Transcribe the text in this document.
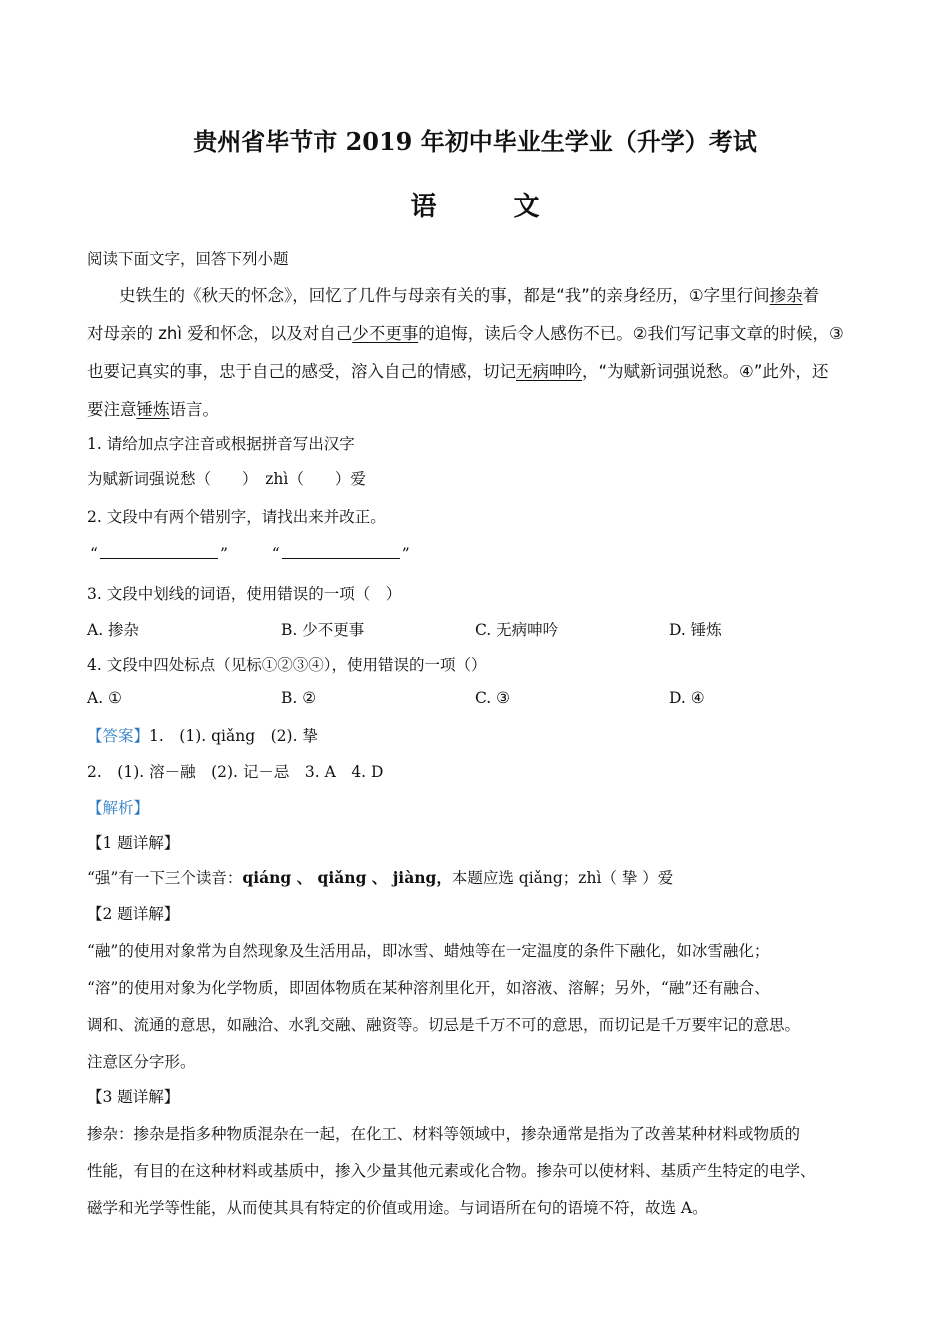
贵州省毕节市 2019 年初中毕业生学业（升学）考试
语 文
阅读下面文字，回答下列小题
史铁生的《秋天的怀念》，回忆了几件与母亲有关的事，都是“我”的亲身经历，①字里行间掺杂着
对母亲的 zhì 爱和怀念，以及对自己少不更事的追悔，读后令人感伤不已。②我们写记事文章的时候，③
也要记真实的事，忠于自己的感受，溶入自己的情感，切记无病呻吟，“为赋新词强说愁。④”此外，还
要注意锤炼语言。
1. 请给加点字注音或根据拼音写出汉字
为赋新词强说愁（　　）　zhì（　　）爱
2. 文段中有两个错别字，请找出来并改正。
“	”	“	”
3. 文段中划线的词语，使用错误的一项（　）
A. 掺杂	B. 少不更事	C. 无病呻吟	D. 锤炼
4. 文段中四处标点（见标①②③④），使用错误的一项（）
A. ①	B. ②	C. ③	D. ④
【答案】1.　(1). qiǎng　(2). 挚
2.　(1). 溶－融　(2). 记－忌　3. A　4. D
【解析】
【1 题详解】
“强”有一下三个读音：qiáng 、 qiǎng 、 jiàng，本题应选 qiǎng；zhì（ 挚 ）爱
【2 题详解】
“融”的使用对象常为自然现象及生活用品，即冰雪、蜡烛等在一定温度的条件下融化，如冰雪融化；
“溶”的使用对象为化学物质，即固体物质在某种溶剂里化开，如溶液、溶解；另外，“融”还有融合、
调和、流通的意思，如融洽、水乳交融、融资等。切忌是千万不可的意思，而切记是千万要牢记的意思。
注意区分字形。
【3 题详解】
掺杂：掺杂是指多种物质混杂在一起，在化工、材料等领域中，掺杂通常是指为了改善某种材料或物质的
性能，有目的在这种材料或基质中，掺入少量其他元素或化合物。掺杂可以使材料、基质产生特定的电学、
磁学和光学等性能，从而使其具有特定的价值或用途。与词语所在句的语境不符，故选 A。
